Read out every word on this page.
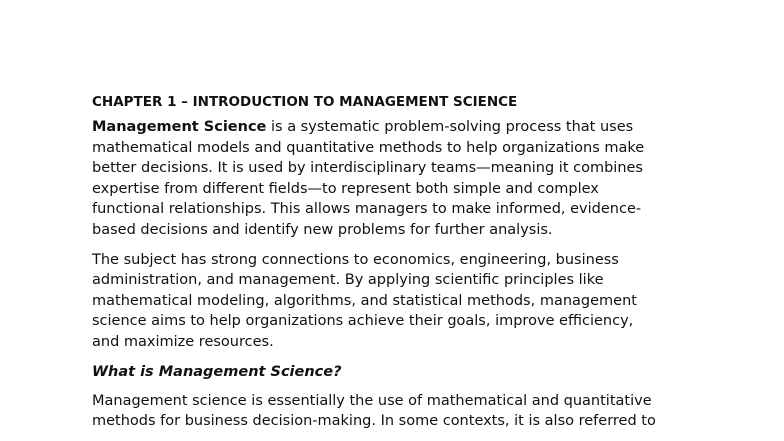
CHAPTER 1 – INTRODUCTION TO MANAGEMENT SCIENCE
Management Science is a systematic problem-solving process that uses
mathematical models and quantitative methods to help organizations make
better decisions. It is used by interdisciplinary teams—meaning it combines
expertise from different fields—to represent both simple and complex
functional relationships. This allows managers to make informed, evidence-
based decisions and identify new problems for further analysis.
The subject has strong connections to economics, engineering, business
administration, and management. By applying scientific principles like
mathematical modeling, algorithms, and statistical methods, management
science aims to help organizations achieve their goals, improve efficiency,
and maximize resources.
What is Management Science?
Management science is essentially the use of mathematical and quantitative
methods for business decision-making. In some contexts, it is also referred to
